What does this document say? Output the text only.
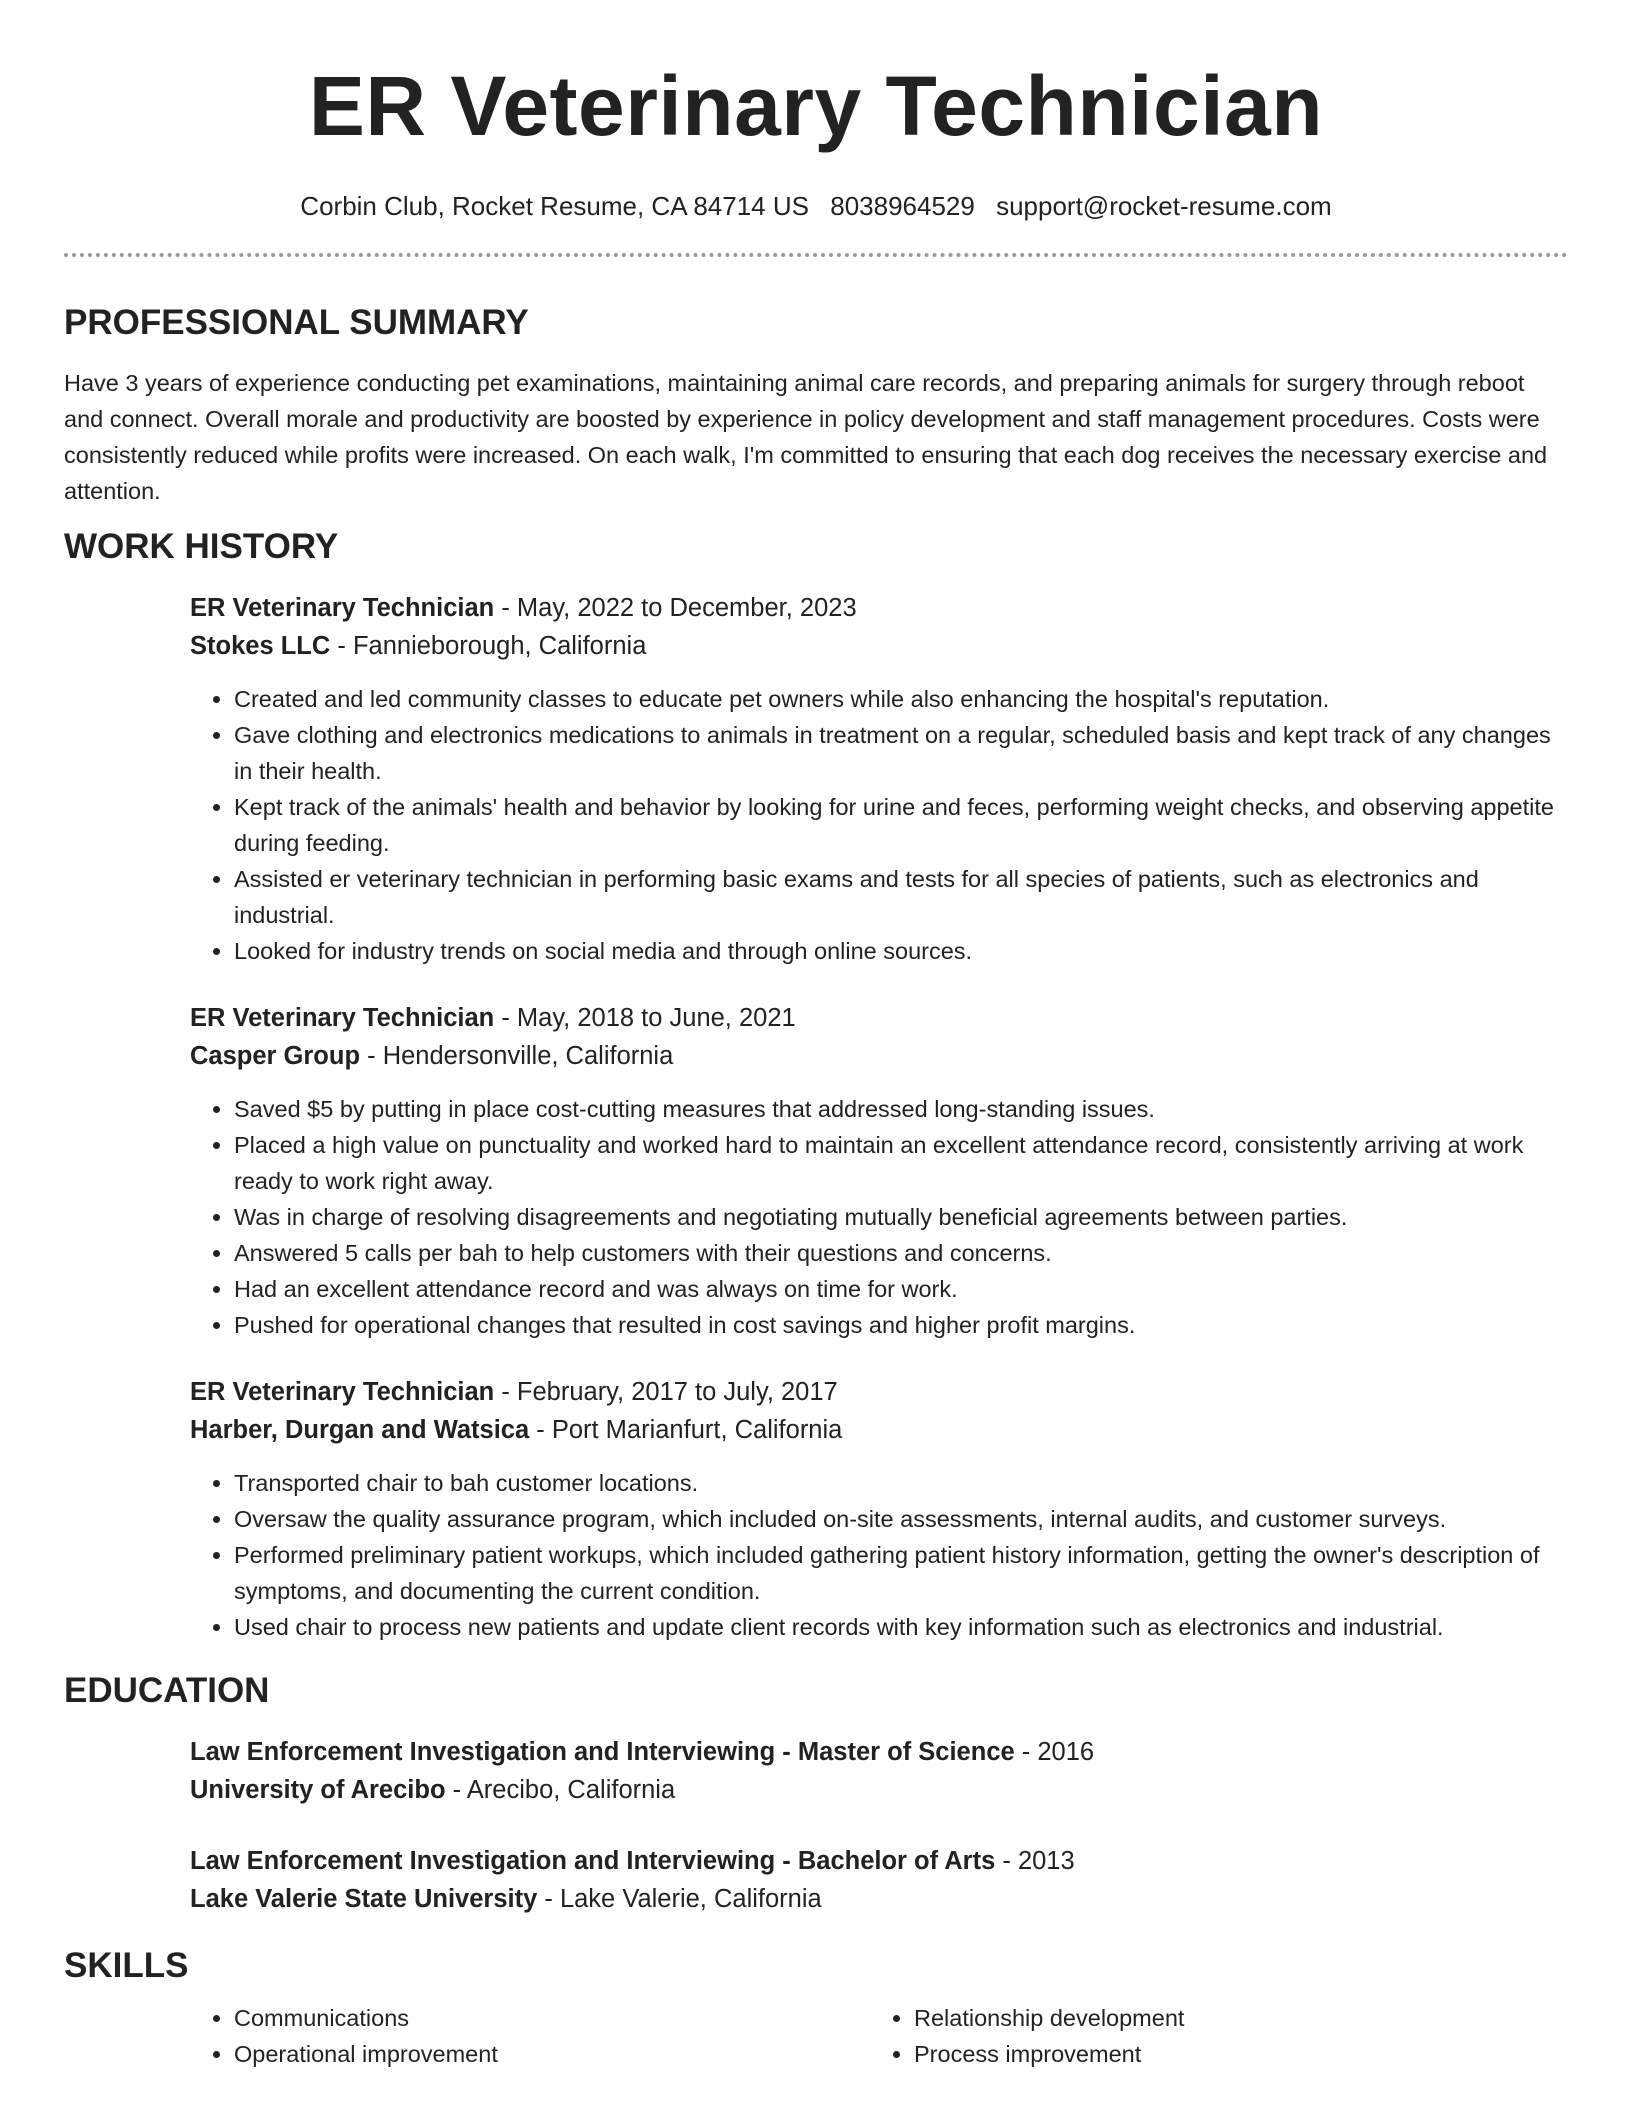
ER Veterinary Technician
Corbin Club, Rocket Resume, CA 84714 US 8038964529 support@rocket-resume.com
PROFESSIONAL SUMMARY

Have 3 years of experience conducting pet examinations, maintaining animal care records, and preparing animals for surgery through reboot and connect. Overall morale and productivity are boosted by experience in policy development and staff management procedures. Costs were consistently reduced while profits were increased. On each walk, I'm committed to ensuring that each dog receives the necessary exercise and attention.

WORK HISTORY

ER Veterinary Technician - May, 2022 to December, 2023

Stokes LLC - Fannieborough, California

• Created and led community classes to educate pet owners while also enhancing the hospital's reputation.
• Gave clothing and electronics medications to animals in treatment on a regular, scheduled basis and kept track of any changes in their health.
• Kept track of the animals' health and behavior by looking for urine and feces, performing weight checks, and observing appetite during feeding.
• Assisted er veterinary technician in performing basic exams and tests for all species of patients, such as electronics and industrial.
• Looked for industry trends on social media and through online sources.

ER Veterinary Technician - May, 2018 to June, 2021

Casper Group - Hendersonville, California

• Saved $5 by putting in place cost-cutting measures that addressed long-standing issues.
• Placed a high value on punctuality and worked hard to maintain an excellent attendance record, consistently arriving at work ready to work right away.
• Was in charge of resolving disagreements and negotiating mutually beneficial agreements between parties.
• Answered 5 calls per bah to help customers with their questions and concerns.
• Had an excellent attendance record and was always on time for work.
• Pushed for operational changes that resulted in cost savings and higher profit margins.

ER Veterinary Technician - February, 2017 to July, 2017

Harber, Durgan and Watsica - Port Marianfurt, California

• Transported chair to bah customer locations.
• Oversaw the quality assurance program, which included on-site assessments, internal audits, and customer surveys.
• Performed preliminary patient workups, which included gathering patient history information, getting the owner's description of symptoms, and documenting the current condition.
• Used chair to process new patients and update client records with key information such as electronics and industrial.
EDUCATION

Law Enforcement Investigation and Interviewing - Master of Science - 2016

University of Arecibo - Arecibo, California

Law Enforcement Investigation and Interviewing - Bachelor of Arts - 2013

Lake Valerie State University - Lake Valerie, California

SKILLS
• Communications
• Operational improvement
• Relationship development
• Process improvement
